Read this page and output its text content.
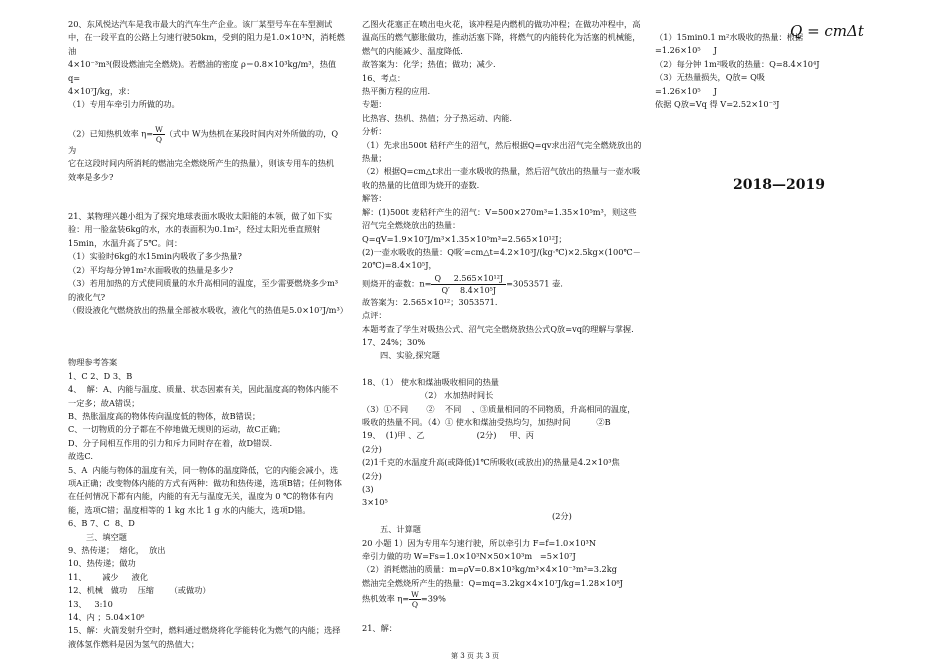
20、东风悦达汽车是我市最大的汽车生产企业。该厂某型号车在车型测试中，在一段平直的公路上匀速行驶50km，受到的阻力是1.0×10³N，消耗燃油

4×10⁻³m³(假设燃油完全燃烧)。若燃油的密度 ρ＝0.8×10³kg/m³，热值 q=

4×10⁷J/kg，求：

（1）专用车牵引力所做的功。

（2）已知热机效率 $\eta= \frac{W}{Q}$ （式中 W为热机在某段时间内对外所做的功，Q为

它在这段时间内所消耗的燃油完全燃烧所产生的热量），则该专用车的热机

效率是多少?

21、某物理兴趣小组为了探究地球表面水吸收太阳能的本领，做了如下实验：用一脸盆装6kg的水，水的表面积为0.1m²，经过太阳光垂直照射15min，水温升高了5℃。问：

（1）实验时6kg的水15min内吸收了多少热量?

（2）平均每分钟1m²水面吸收的热量是多少?

（3）若用加热的方式使同质量的水升高相同的温度，至少需要燃烧多少m³的液化气?

（假设液化气燃烧放出的热量全部被水吸收，液化气的热值是5.0×10⁷J/m³）

物理参考答案

1、C 2、D 3、B

4、  解：A、内能与温度、质量、状态因素有关，因此温度高的物体内能不一定多；故A错误；

B、热胀温度高的物体传向温度低的物体，故B错误；

C、一切物质的分子都在不停地做无规则的运动，故C正确；

D、分子间相互作用的引力和斥力同时存在着，故D错误.

故选C.

5、A  内能与物体的温度有关，同一物体的温度降低，它的内能会减小，选项A正确；改变物体内能的方式有两种：做功和热传递，选项B错；任何物体在任何情况下都有内能，内能的有无与温度无关，温度为 0 ℃的物体有内能，选项C错；温度相等的 1 kg 水比 1 g 水的内能大，选项D错。

6、B 7、C  8、D

三、填空题

9、热传递；  熔化，  放出

10、热传递；做功

11、      减少     液化

12、机械   做功    压缩      （或做功）

13、   3:10

14、内 ；5.04×10⁶

15、解：火箭发射升空时，燃料通过燃烧将化学能转化为燃气的内能；选择液体氢作燃料是因为氢气的热值大；

乙图火花塞正在喷出电火花，该冲程是内燃机的做功冲程；在做功冲程中，高温高压的燃气膨胀做功，推动活塞下降，将燃气的内能转化为活塞的机械能，燃气的内能减少、温度降低.

故答案为：化学；热值；做功；减少.

16、考点：

热平衡方程的应用.

专题：

比热容、热机、热值；分子热运动、内能.

分析：

（1）先求出500t 秸秆产生的沼气，然后根据Q=qv求出沼气完全燃烧放出的热量；

（2）根据Q=cm△t求出一壶水吸收的热量，然后沼气放出的热量与一壶水吸收的热量的比值即为烧开的壶数.

解答：

解：(1)500t 麦秸秆产生的沼气：V=500×270m³=1.35×10⁵m³，则这些沼气完全燃烧放出的热量：Q=qV=1.9×10⁷J/m³×1.35×10⁵m³=2.565×10¹²J；

(2)一壶水吸收的热量：Q吸′=cm△t=4.2×10³J/(kg·℃)×2.5kg×(100℃－20℃)=8.4×10⁵J，

则烧开的壶数：$n= \frac{\text{Q     2.565×10¹²J}}{\text{Q′    8.4×10⁵J}} =3053571$ 壶.

故答案为：2.565×10¹²；3053571.

点评：

本题考查了学生对吸热公式、沼气完全燃烧放热公式Q放=vq的理解与掌握.

17、24%；30%

四、实验,探究题

18、（1） 使水和煤油吸收相同的热量

（2） 水加热时间长

（3）①不同       ②    不同    、③质量相同的不同物质，升高相同的温度，吸收的热量不同。（4）① 使水和煤油受热均匀，加热时间          ②B

19、  (1)甲 、乙                    (2分)     甲、丙

(2分)

(2)1千克的水温度升高(或降低)1℃所吸收(或放出)的热量是4.2×10³焦

(2分)

(3)

3×10⁵

(2分)

五、计算题

20 小题 1）因为专用车匀速行驶，所以牵引力 F=f=1.0×10³N

牵引力做的功 W=Fs=1.0×10³N×50×10³m   =5×10⁷J

（2）消耗燃油的质量：m=ρV=0.8×10³kg/m³×4×10⁻³m³=3.2kg

燃油完全燃烧所产生的热量：Q=mq=3.2kg×4×10⁷J/kg=1.28×10⁸J

热机效率 $\eta= \frac{W}{Q} =39\%$

21、解：

（1）15min0.1 m²水吸收的热量：根据

=1.26×10⁵     J

（2）每分钟 1m²吸收的热量：Q=8.4×10⁴J

（3）无热量损失，Q放= Q吸

=1.26×10⁵     J

依据 Q放=Vq 得 V=2.52×10⁻³J

Q = cmΔt
2018—2019
第 3 页 共 3 页
